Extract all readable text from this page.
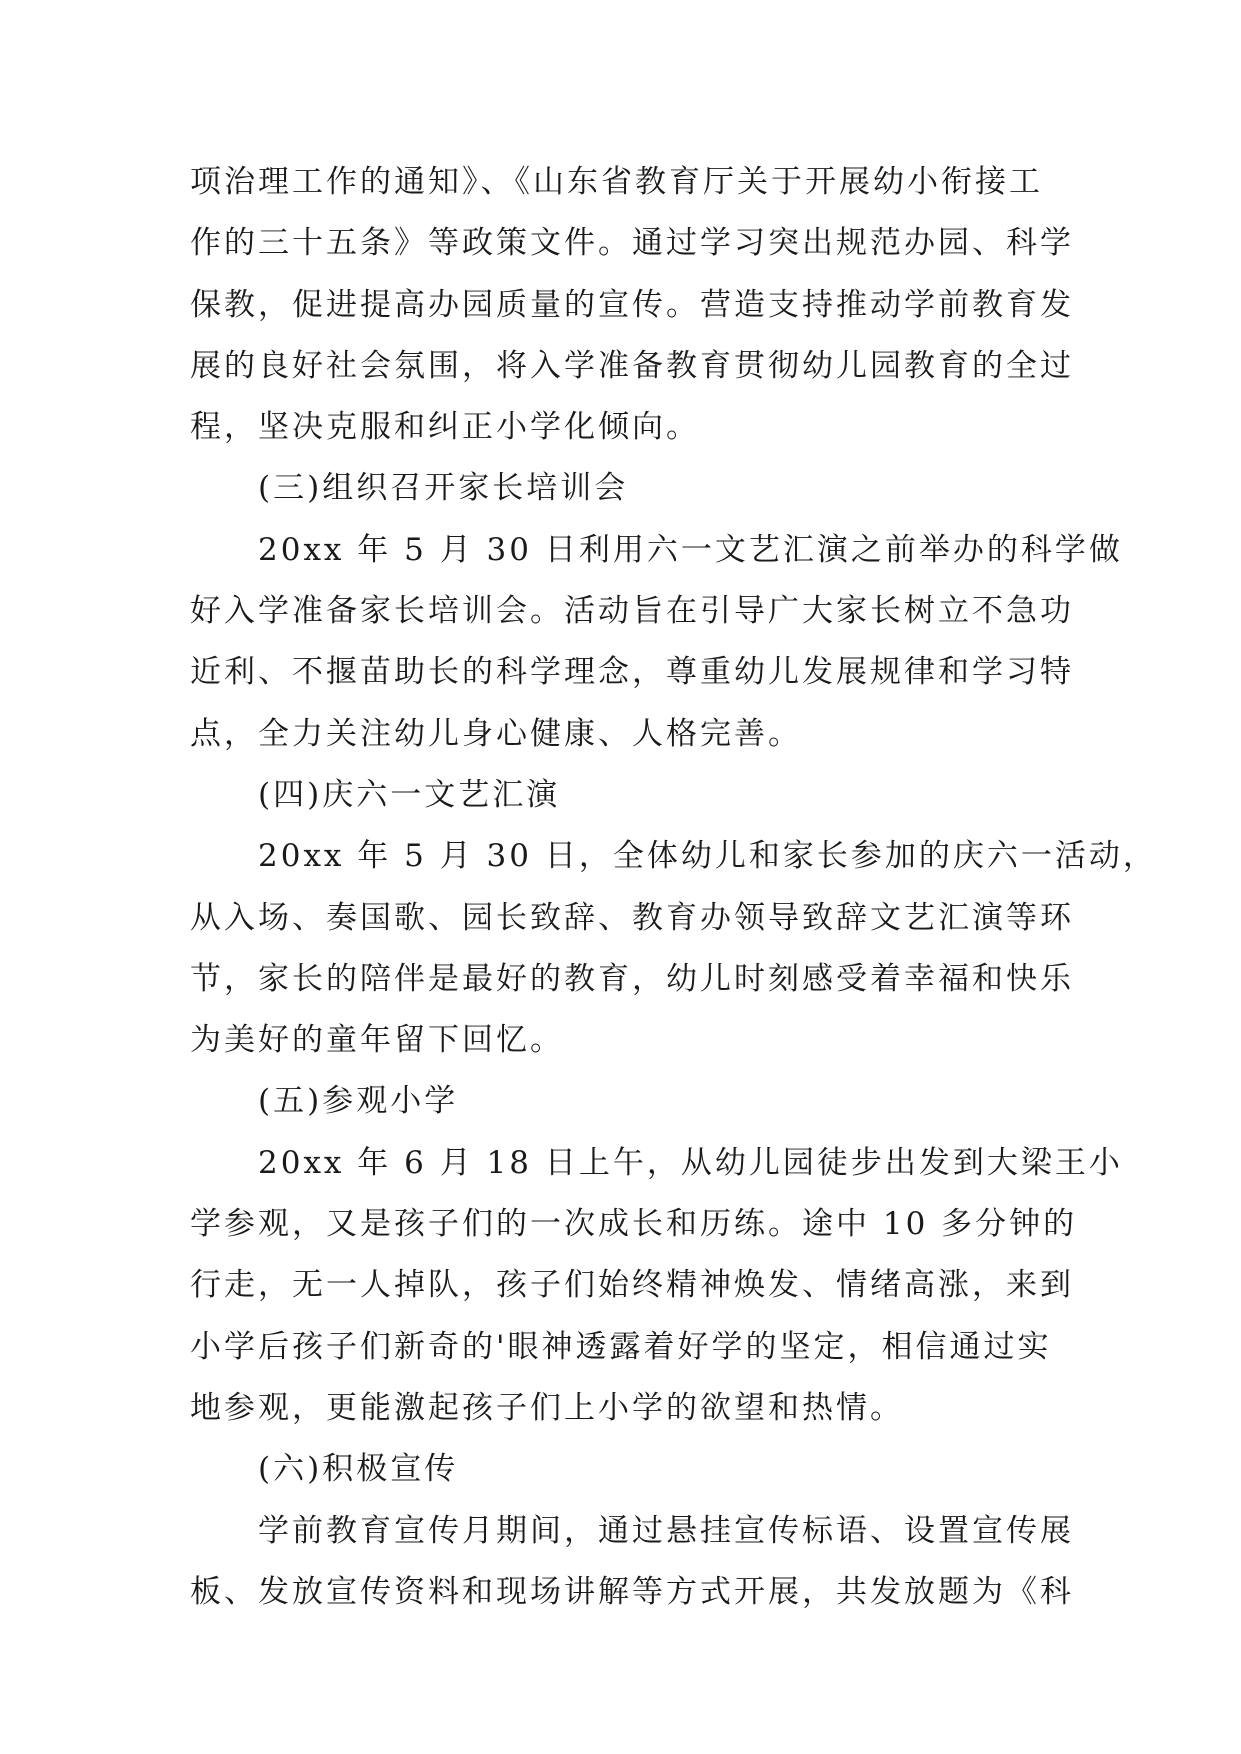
项治理工作的通知》、《山东省教育厅关于开展幼小衔接工
作的三十五条》等政策文件。通过学习突出规范办园、科学
保教，促进提高办园质量的宣传。营造支持推动学前教育发
展的良好社会氛围，将入学准备教育贯彻幼儿园教育的全过
程，坚决克服和纠正小学化倾向。
(三)组织召开家长培训会
20xx 年 5 月 30 日利用六一文艺汇演之前举办的科学做
好入学准备家长培训会。活动旨在引导广大家长树立不急功
近利、不揠苗助长的科学理念，尊重幼儿发展规律和学习特
点，全力关注幼儿身心健康、人格完善。
(四)庆六一文艺汇演
20xx 年 5 月 30 日，全体幼儿和家长参加的庆六一活动，
从入场、奏国歌、园长致辞、教育办领导致辞文艺汇演等环
节，家长的陪伴是最好的教育，幼儿时刻感受着幸福和快乐
为美好的童年留下回忆。
(五)参观小学
20xx 年 6 月 18 日上午，从幼儿园徒步出发到大梁王小
学参观，又是孩子们的一次成长和历练。途中 10 多分钟的
行走，无一人掉队，孩子们始终精神焕发、情绪高涨，来到
小学后孩子们新奇的'眼神透露着好学的坚定，相信通过实
地参观，更能激起孩子们上小学的欲望和热情。
(六)积极宣传
学前教育宣传月期间，通过悬挂宣传标语、设置宣传展
板、发放宣传资料和现场讲解等方式开展，共发放题为《科
